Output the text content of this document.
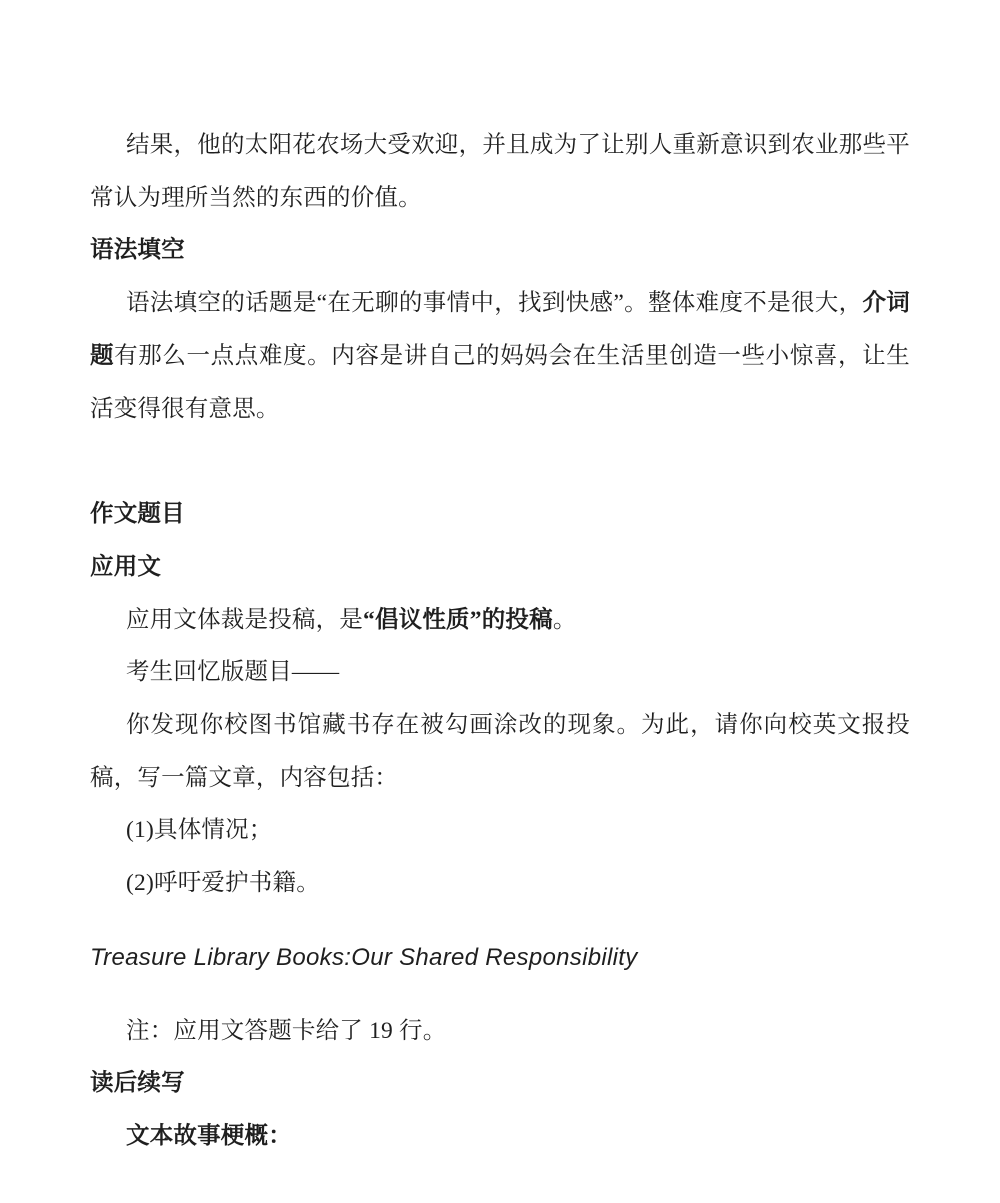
结果，他的太阳花农场大受欢迎，并且成为了让别人重新意识到农业那些平常认为理所当然的东西的价值。

语法填空

语法填空的话题是“在无聊的事情中，找到快感”。整体难度不是很大，介词题有那么一点点难度。内容是讲自己的妈妈会在生活里创造一些小惊喜，让生活变得很有意思。

作文题目

应用文

应用文体裁是投稿，是“倡议性质”的投稿。

考生回忆版题目——

你发现你校图书馆藏书存在被勾画涂改的现象。为此，请你向校英文报投稿，写一篇文章，内容包括：

(1)具体情况；

(2)呼吁爱护书籍。

Treasure Library Books:Our Shared Responsibility

注：应用文答题卡给了 19 行。

读后续写

文本故事梗概：
